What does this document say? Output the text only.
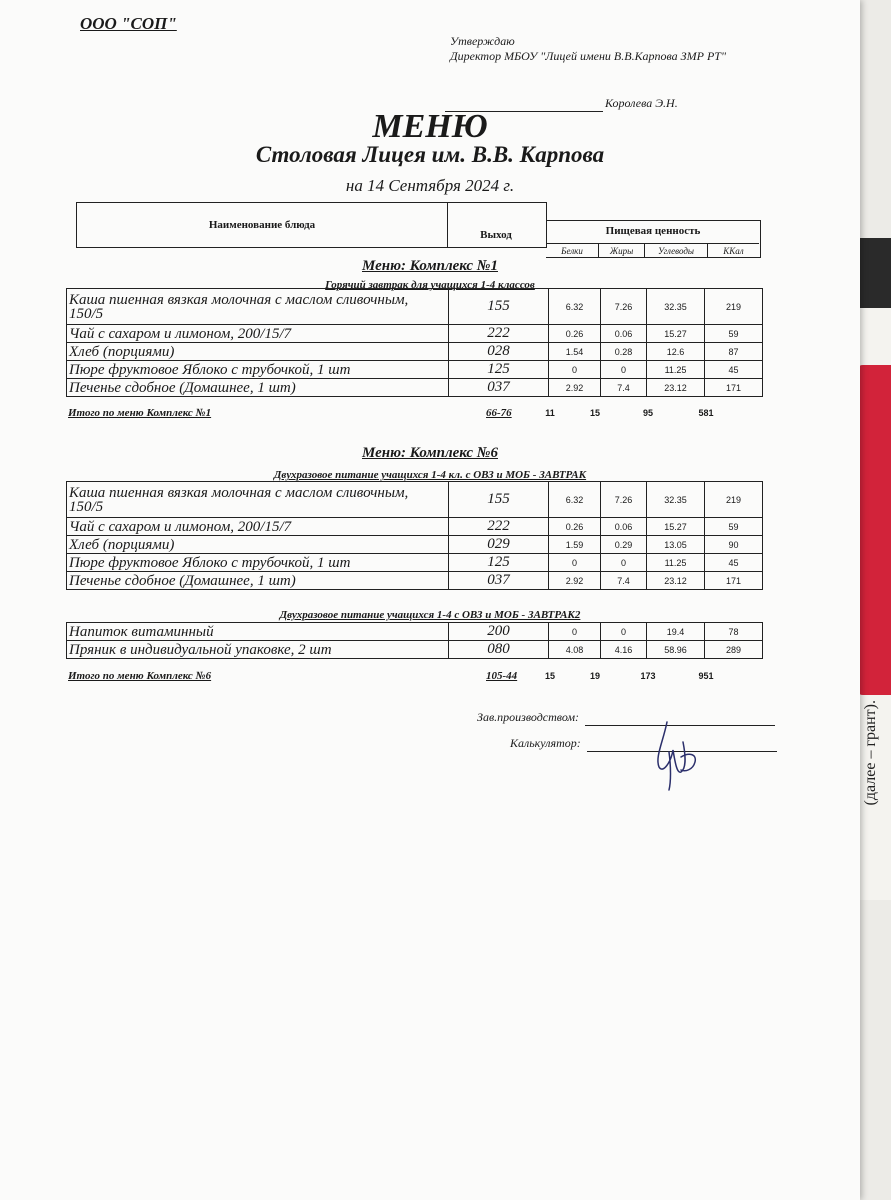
(далее – грант).
ООО "СОП"
Утверждаю
Директор МБОУ "Лицей имени В.В.Карпова ЗМР РТ"
Королева Э.Н.
МЕНЮ
Столовая Лицея им. В.В. Карпова
на 14 Сентября 2024 г.
Наименование блюда
Выход	Пищевая ценность
Белки	Жиры	Углеводы	ККал
Меню: Комплекс №1
Горячий завтрак для учащихся 1-4 классов
Каша пшенная вязкая молочная с маслом сливочным, 150/5	155	6.32	7.26	32.35	219
Чай с сахаром и лимоном, 200/15/7	222	0.26	0.06	15.27	59
Хлеб (порциями)	028	1.54	0.28	12.6	87
Пюре фруктовое Яблоко с трубочкой, 1 шт	125	0	0	11.25	45
Печенье сдобное (Домашнее, 1 шт)	037	2.92	7.4	23.12	171
Итого по меню Комплекс №1	66-76	11	15	95	581
Меню: Комплекс №6
Двухразовое питание учащихся 1-4 кл. с ОВЗ и МОБ - ЗАВТРАК
Каша пшенная вязкая молочная с маслом сливочным, 150/5	155	6.32	7.26	32.35	219
Чай с сахаром и лимоном, 200/15/7	222	0.26	0.06	15.27	59
Хлеб (порциями)	029	1.59	0.29	13.05	90
Пюре фруктовое Яблоко с трубочкой, 1 шт	125	0	0	11.25	45
Печенье сдобное (Домашнее, 1 шт)	037	2.92	7.4	23.12	171
Двухразовое питание учащихся 1-4 с ОВЗ и МОБ - ЗАВТРАК2
Напиток витаминный	200	0	0	19.4	78
Пряник в индивидуальной упаковке, 2 шт	080	4.08	4.16	58.96	289
Итого по меню Комплекс №6	105-44	15	19	173	951
Зав.производством:
Калькулятор:
